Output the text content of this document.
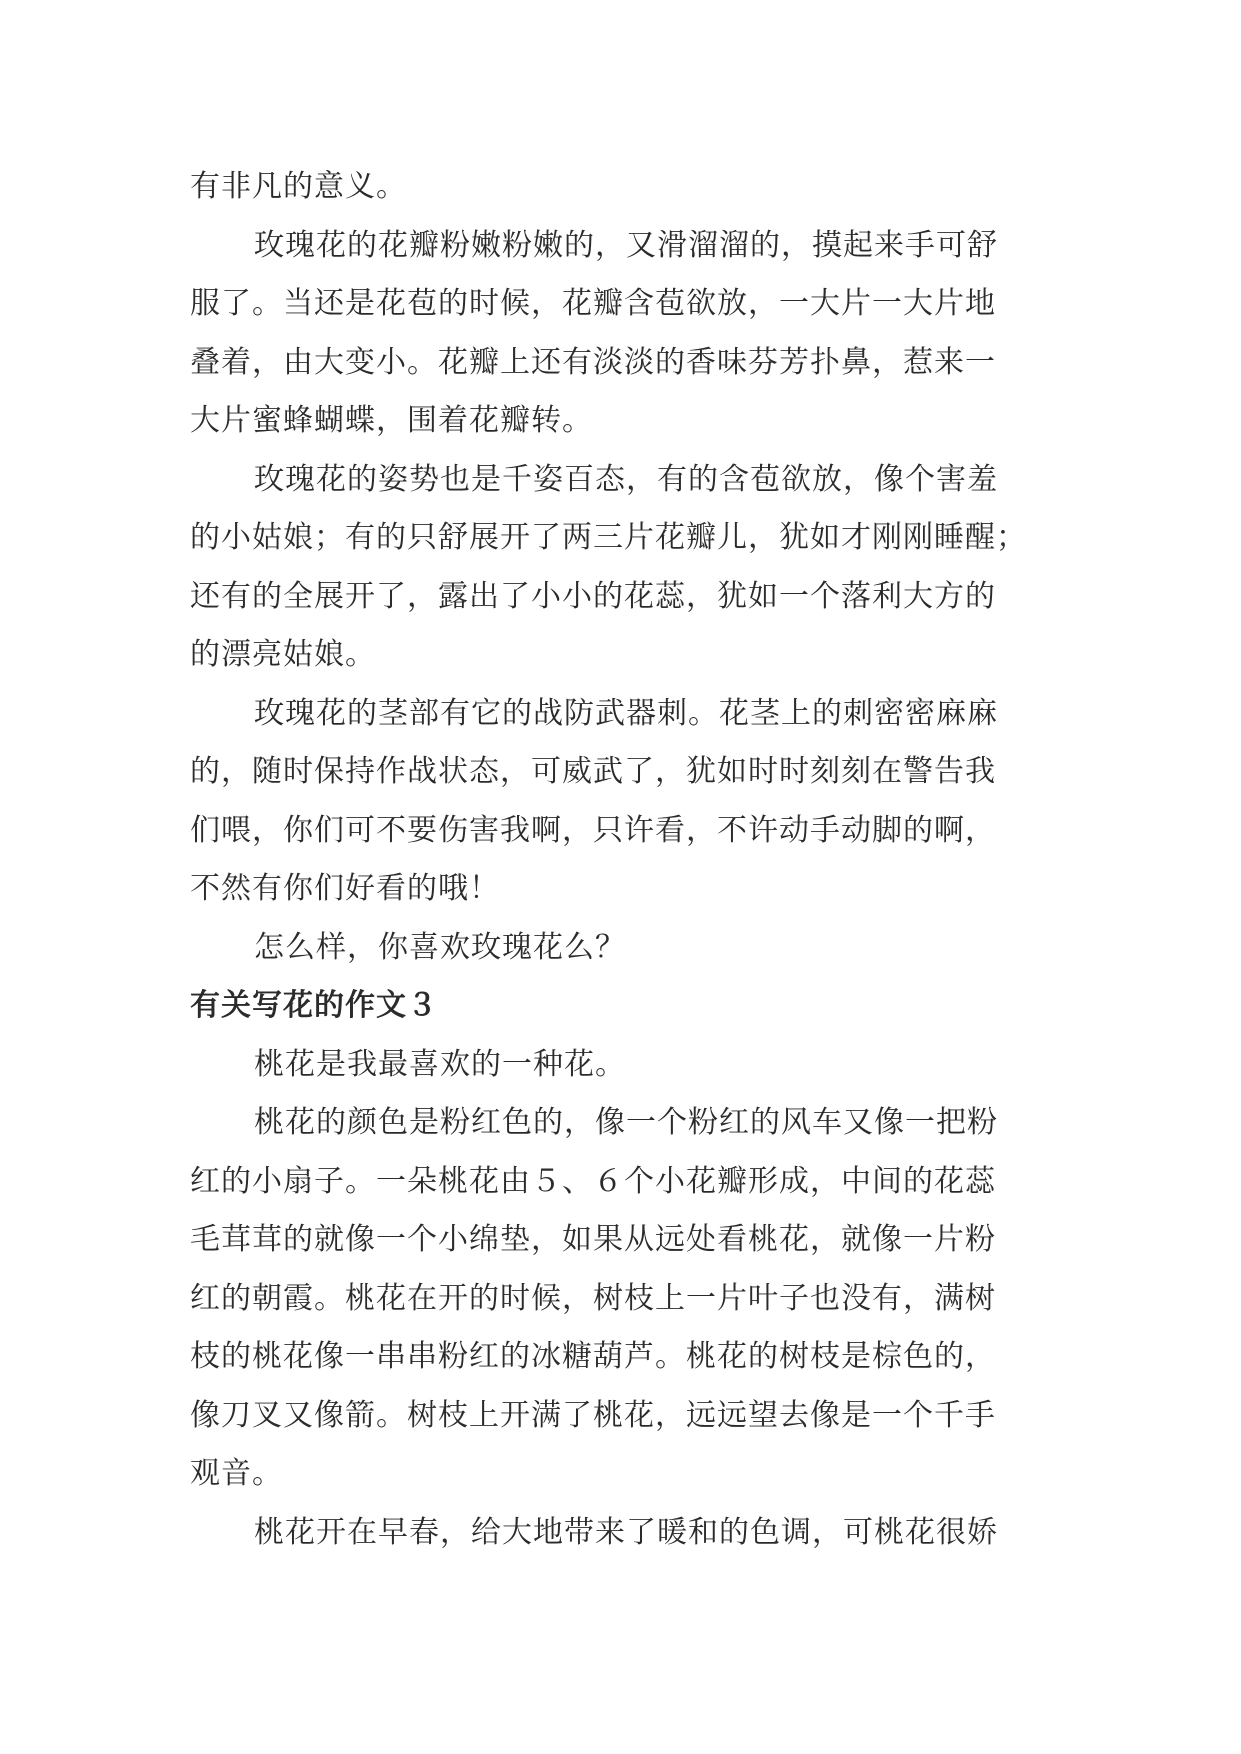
有非凡的意义。

玫瑰花的花瓣粉嫩粉嫩的，又滑溜溜的，摸起来手可舒
服了。当还是花苞的时候，花瓣含苞欲放，一大片一大片地
叠着，由大变小。花瓣上还有淡淡的香味芬芳扑鼻，惹来一
大片蜜蜂蝴蝶，围着花瓣转。

玫瑰花的姿势也是千姿百态，有的含苞欲放，像个害羞
的小姑娘；有的只舒展开了两三片花瓣儿，犹如才刚刚睡醒；
还有的全展开了，露出了小小的花蕊，犹如一个落利大方的
的漂亮姑娘。

玫瑰花的茎部有它的战防武器刺。花茎上的刺密密麻麻
的，随时保持作战状态，可威武了，犹如时时刻刻在警告我
们喂，你们可不要伤害我啊，只许看，不许动手动脚的啊，
不然有你们好看的哦！

怎么样，你喜欢玫瑰花么？

有关写花的作文３

桃花是我最喜欢的一种花。

桃花的颜色是粉红色的，像一个粉红的风车又像一把粉
红的小扇子。一朵桃花由５、６个小花瓣形成，中间的花蕊
毛茸茸的就像一个小绵垫，如果从远处看桃花，就像一片粉
红的朝霞。桃花在开的时候，树枝上一片叶子也没有，满树
枝的桃花像一串串粉红的冰糖葫芦。桃花的树枝是棕色的，
像刀叉又像箭。树枝上开满了桃花，远远望去像是一个千手
观音。

桃花开在早春，给大地带来了暖和的色调，可桃花很娇
